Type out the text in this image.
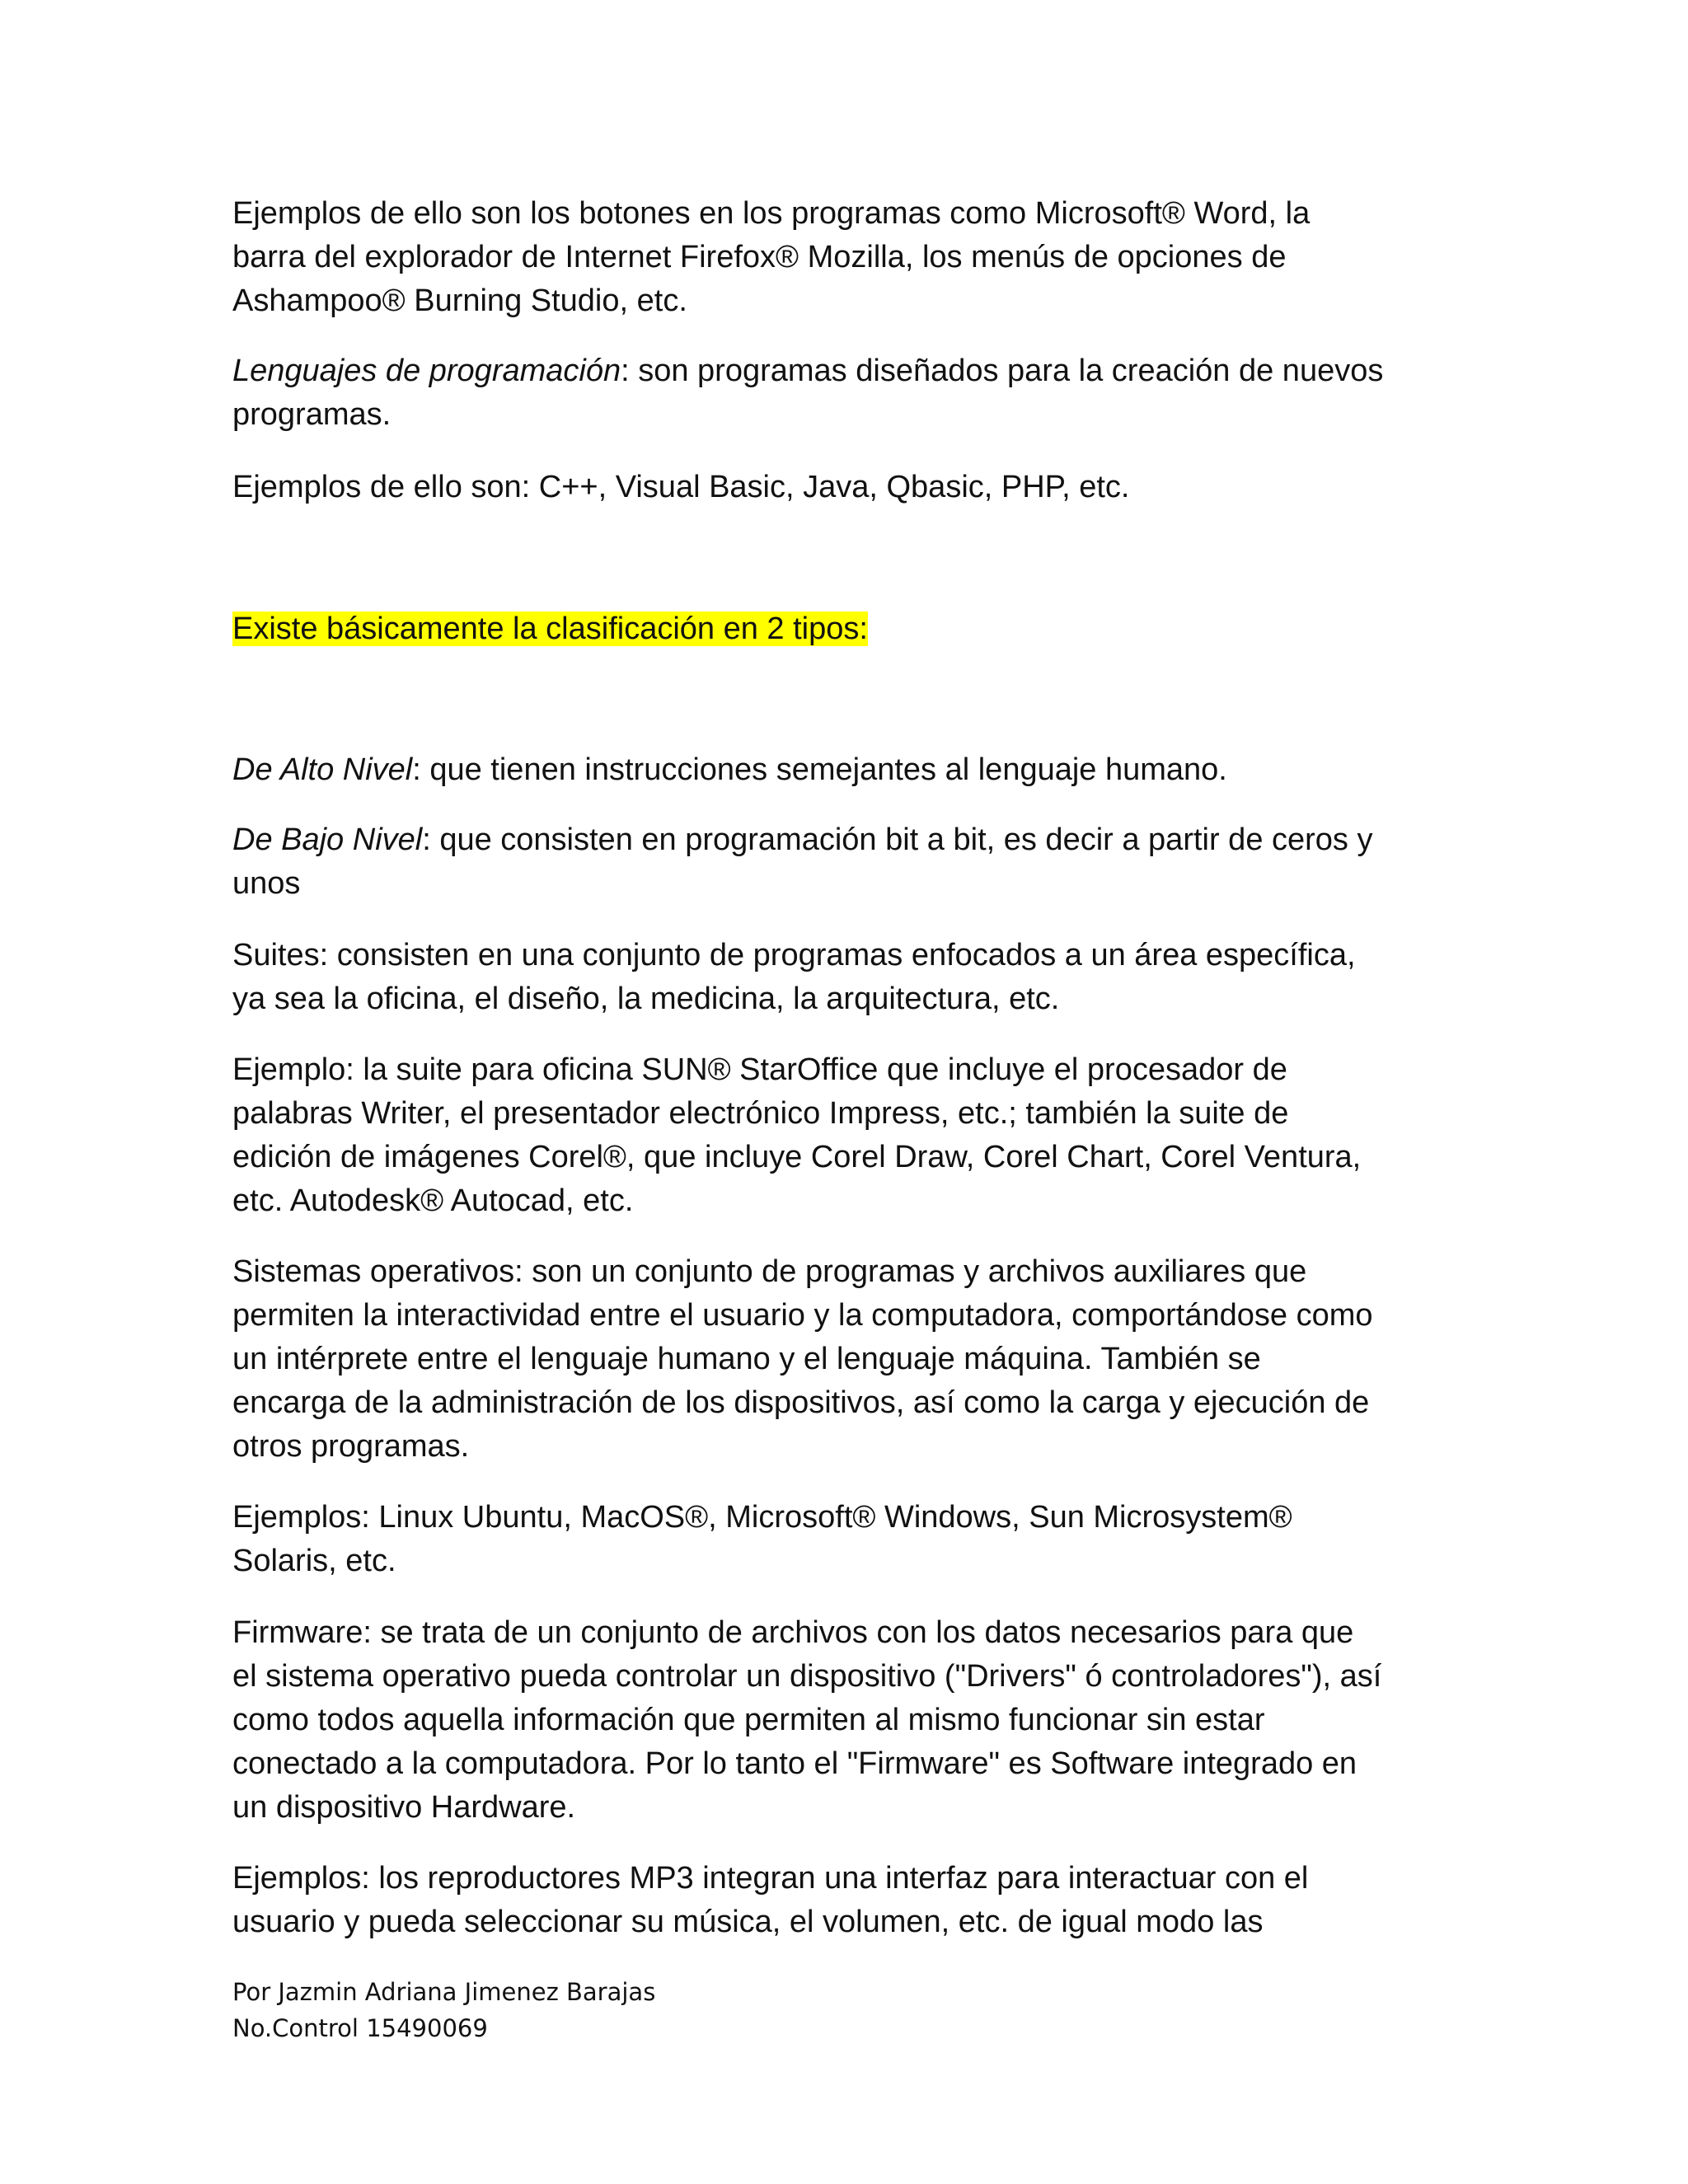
Ejemplos de ello son los botones en los programas como Microsoft® Word, la
barra del explorador de Internet Firefox® Mozilla, los menús de opciones de
Ashampoo® Burning Studio, etc.

Lenguajes de programación: son programas diseñados para la creación de nuevos
programas.

Ejemplos de ello son: C++, Visual Basic, Java, Qbasic, PHP, etc.

Existe básicamente la clasificación en 2 tipos:

De Alto Nivel: que tienen instrucciones semejantes al lenguaje humano.

De Bajo Nivel: que consisten en programación bit a bit, es decir a partir de ceros y
unos

Suites: consisten en una conjunto de programas enfocados a un área específica,
ya sea la oficina, el diseño, la medicina, la arquitectura, etc.

Ejemplo: la suite para oficina SUN® StarOffice que incluye el procesador de
palabras Writer, el presentador electrónico Impress, etc.; también la suite de
edición de imágenes Corel®, que incluye Corel Draw, Corel Chart, Corel Ventura,
etc. Autodesk® Autocad, etc.

Sistemas operativos: son un conjunto de programas y archivos auxiliares que
permiten la interactividad entre el usuario y la computadora, comportándose como
un intérprete entre el lenguaje humano y el lenguaje máquina. También se
encarga de la administración de los dispositivos, así como la carga y ejecución de
otros programas.

Ejemplos: Linux Ubuntu, MacOS®, Microsoft® Windows, Sun Microsystem®
Solaris, etc.

Firmware: se trata de un conjunto de archivos con los datos necesarios para que
el sistema operativo pueda controlar un dispositivo ("Drivers" ó controladores"), así
como todos aquella información que permiten al mismo funcionar sin estar
conectado a la computadora. Por lo tanto el "Firmware" es Software integrado en
un dispositivo Hardware.

Ejemplos: los reproductores MP3 integran una interfaz para interactuar con el
usuario y pueda seleccionar su música, el volumen, etc. de igual modo las

Por Jazmin Adriana Jimenez Barajas
No.Control 15490069
